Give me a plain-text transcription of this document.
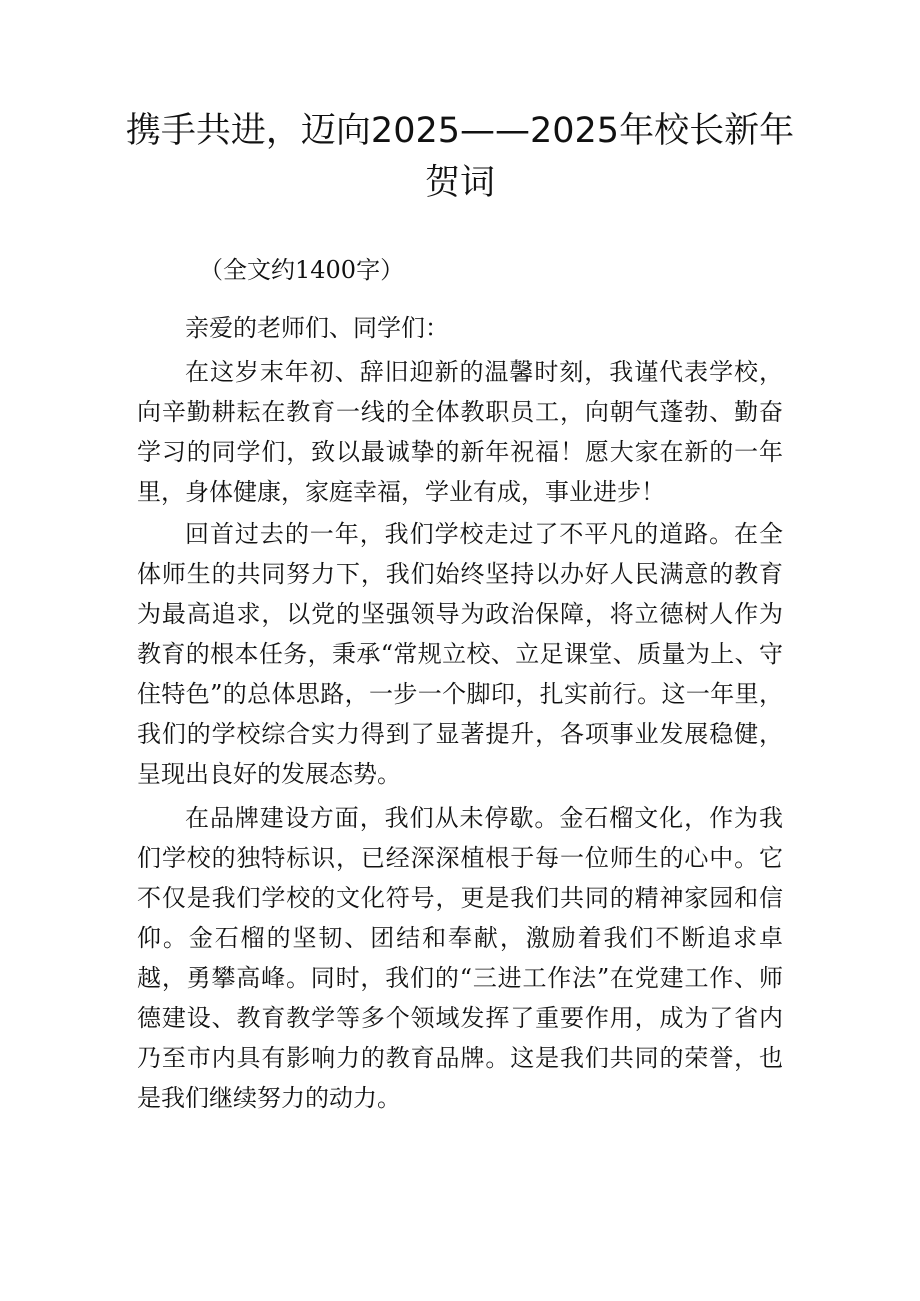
携手共进，迈向2025——2025年校长新年
贺词

（全文约1400字）

亲爱的老师们、同学们：

在这岁末年初、辞旧迎新的温馨时刻，我谨代表学校，向辛勤耕耘在教育一线的全体教职员工，向朝气蓬勃、勤奋学习的同学们，致以最诚挚的新年祝福！愿大家在新的一年里，身体健康，家庭幸福，学业有成，事业进步！

回首过去的一年，我们学校走过了不平凡的道路。在全体师生的共同努力下，我们始终坚持以办好人民满意的教育为最高追求，以党的坚强领导为政治保障，将立德树人作为教育的根本任务，秉承“常规立校、立足课堂、质量为上、守住特色”的总体思路，一步一个脚印，扎实前行。这一年里，我们的学校综合实力得到了显著提升，各项事业发展稳健，呈现出良好的发展态势。

在品牌建设方面，我们从未停歇。金石榴文化，作为我们学校的独特标识，已经深深植根于每一位师生的心中。它不仅是我们学校的文化符号，更是我们共同的精神家园和信仰。金石榴的坚韧、团结和奉献，激励着我们不断追求卓越，勇攀高峰。同时，我们的“三进工作法”在党建工作、师德建设、教育教学等多个领域发挥了重要作用，成为了省内乃至市内具有影响力的教育品牌。这是我们共同的荣誉，也是我们继续努力的动力。
